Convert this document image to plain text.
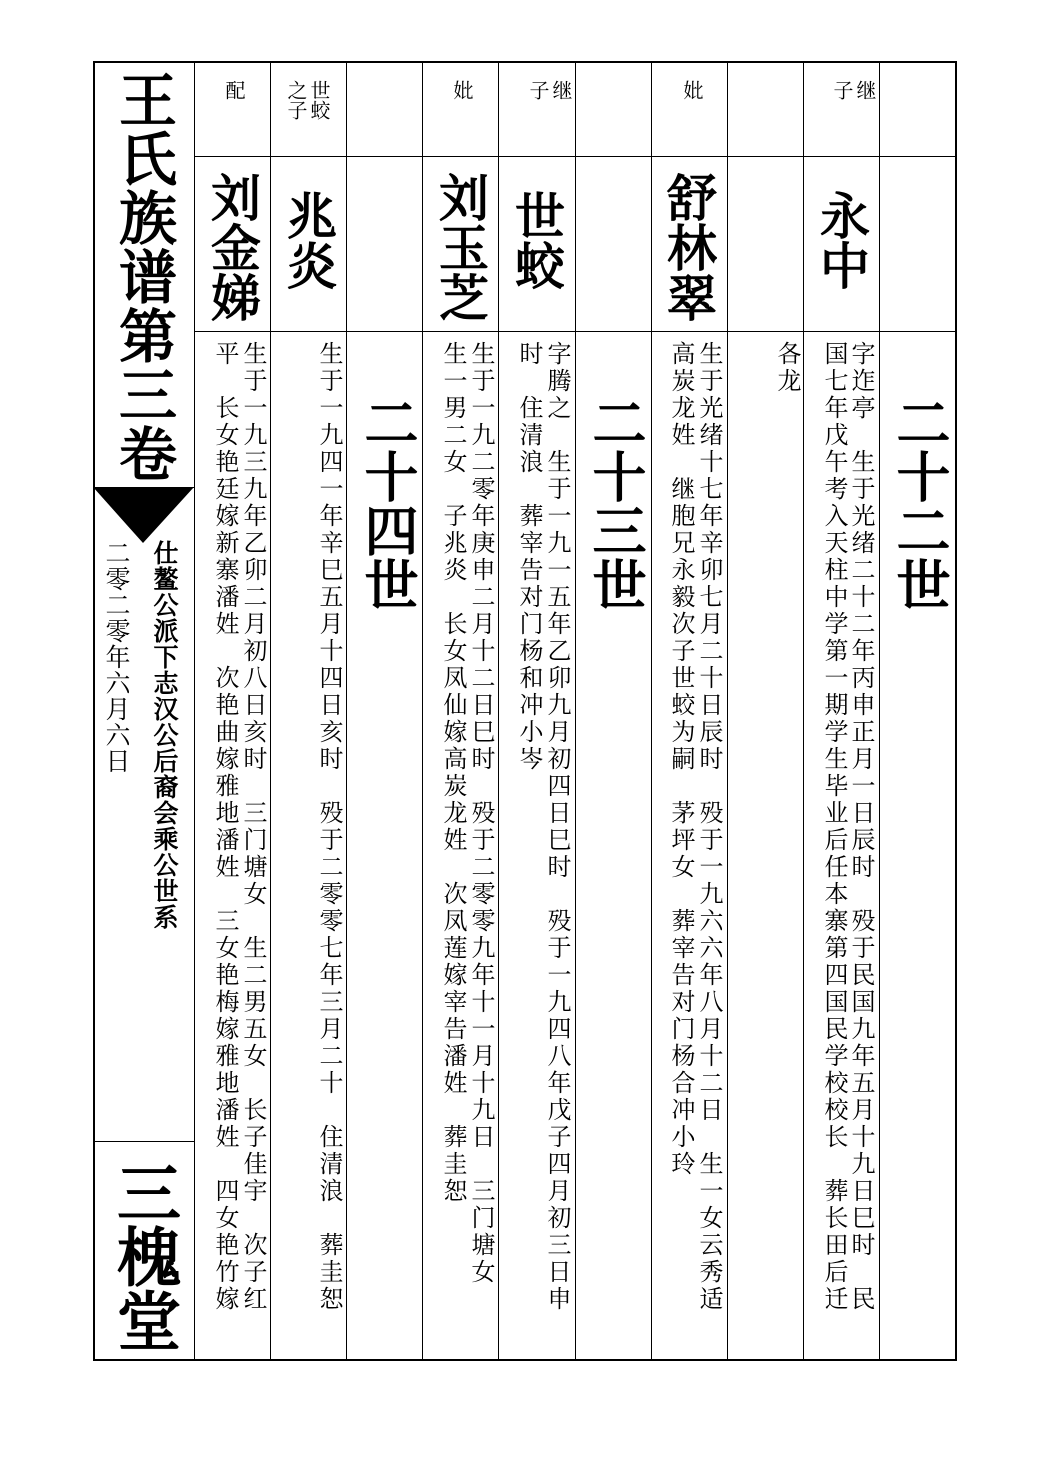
王氏族谱第三卷
仕鳌公派下志汉公后裔会乘公世系
二零二零年六月六日
三槐堂
二十二世
继
子
永中
字迮亭　生于光绪二十二年丙申正月一日辰时　殁于民国九年五月十九日巳时　民
国七年戊午考入天柱中学第一期学生毕业后任本寨第四国民学校校长　葬长田后迁
各龙
妣
舒林翠
生于光绪十七年辛卯七月二十日辰时　殁于一九六六年八月十二日　生一女云秀适
高炭龙姓　继胞兄永毅次子世蛟为嗣　茅坪女　葬宰告对门杨合冲小玲
二十三世
继
子
世蛟
字腾之　生于一九一五年乙卯九月初四日巳时　殁于一九四八年戊子四月初三日申
时　住清浪　葬宰告对门杨和冲小岑
妣
刘玉芝
生于一九二零年庚申二月十二日巳时　殁于二零零九年十一月十九日　三门塘女
生一男二女　子兆炎　长女凤仙嫁高炭龙姓　次凤莲嫁宰告潘姓　葬圭恕
二十四世
世蛟
之子
兆炎
生于一九四一年辛巳五月十四日亥时　殁于二零零七年三月二十　住清浪　葬圭恕
配
刘金娣
生于一九三九年乙卯二月初八日亥时　三门塘女　生二男五女　长子佳宇　次子红
平　长女艳廷嫁新寨潘姓　次艳曲嫁雅地潘姓　三女艳梅嫁雅地潘姓　四女艳竹嫁
